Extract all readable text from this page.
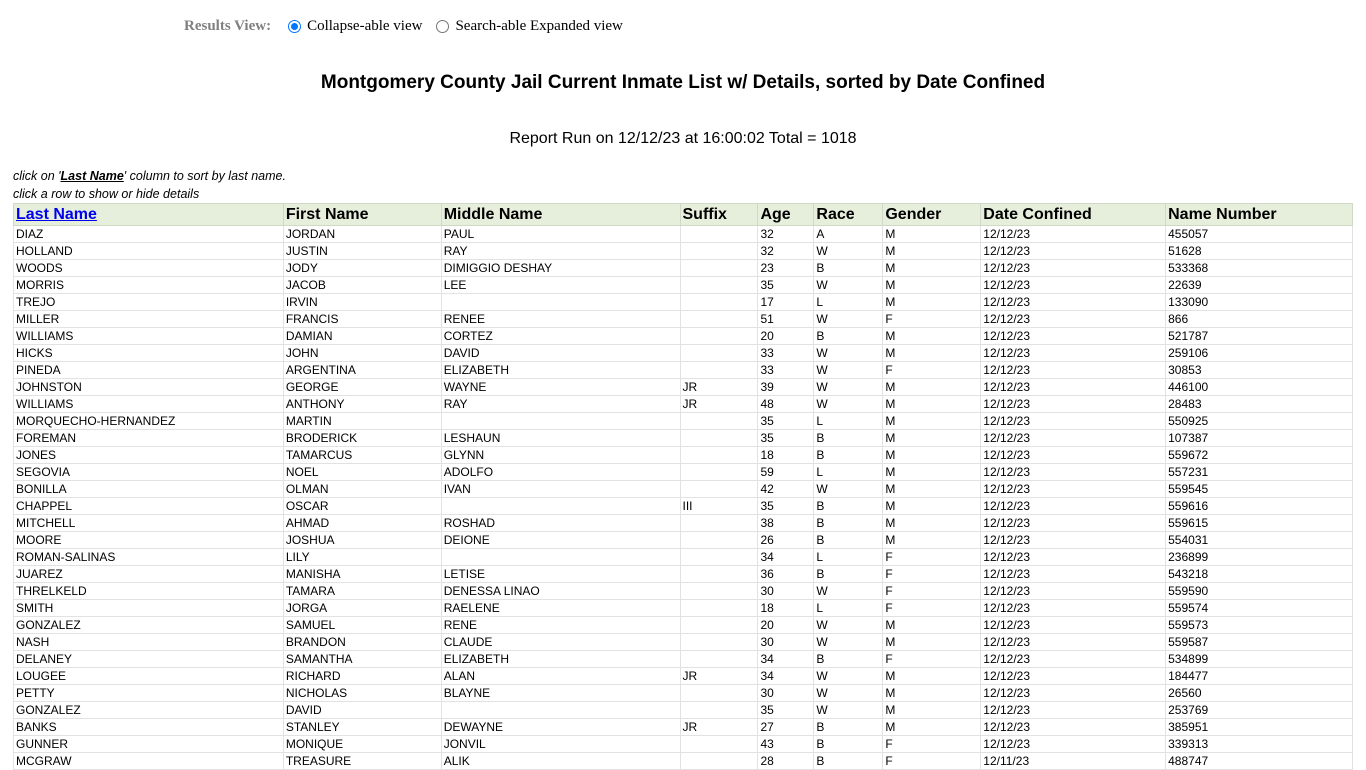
Results View: Collapse-able view Search-able Expanded view
Montgomery County Jail Current Inmate List w/ Details, sorted by Date Confined
Report Run on 12/12/23 at 16:00:02 Total = 1018
click on 'Last Name' column to sort by last name.
click a row to show or hide details
Last Name	First Name	Middle Name	Suffix	Age	Race	Gender	Date Confined	Name Number
DIAZ	JORDAN	PAUL		32	A	M	12/12/23	455057
HOLLAND	JUSTIN	RAY		32	W	M	12/12/23	51628
WOODS	JODY	DIMIGGIO DESHAY		23	B	M	12/12/23	533368
MORRIS	JACOB	LEE		35	W	M	12/12/23	22639
TREJO	IRVIN			17	L	M	12/12/23	133090
MILLER	FRANCIS	RENEE		51	W	F	12/12/23	866
WILLIAMS	DAMIAN	CORTEZ		20	B	M	12/12/23	521787
HICKS	JOHN	DAVID		33	W	M	12/12/23	259106
PINEDA	ARGENTINA	ELIZABETH		33	W	F	12/12/23	30853
JOHNSTON	GEORGE	WAYNE	JR	39	W	M	12/12/23	446100
WILLIAMS	ANTHONY	RAY	JR	48	W	M	12/12/23	28483
MORQUECHO-HERNANDEZ	MARTIN			35	L	M	12/12/23	550925
FOREMAN	BRODERICK	LESHAUN		35	B	M	12/12/23	107387
JONES	TAMARCUS	GLYNN		18	B	M	12/12/23	559672
SEGOVIA	NOEL	ADOLFO		59	L	M	12/12/23	557231
BONILLA	OLMAN	IVAN		42	W	M	12/12/23	559545
CHAPPEL	OSCAR		III	35	B	M	12/12/23	559616
MITCHELL	AHMAD	ROSHAD		38	B	M	12/12/23	559615
MOORE	JOSHUA	DEIONE		26	B	M	12/12/23	554031
ROMAN-SALINAS	LILY			34	L	F	12/12/23	236899
JUAREZ	MANISHA	LETISE		36	B	F	12/12/23	543218
THRELKELD	TAMARA	DENESSA LINAO		30	W	F	12/12/23	559590
SMITH	JORGA	RAELENE		18	L	F	12/12/23	559574
GONZALEZ	SAMUEL	RENE		20	W	M	12/12/23	559573
NASH	BRANDON	CLAUDE		30	W	M	12/12/23	559587
DELANEY	SAMANTHA	ELIZABETH		34	B	F	12/12/23	534899
LOUGEE	RICHARD	ALAN	JR	34	W	M	12/12/23	184477
PETTY	NICHOLAS	BLAYNE		30	W	M	12/12/23	26560
GONZALEZ	DAVID			35	W	M	12/12/23	253769
BANKS	STANLEY	DEWAYNE	JR	27	B	M	12/12/23	385951
GUNNER	MONIQUE	JONVIL		43	B	F	12/12/23	339313
MCGRAW	TREASURE	ALIK		28	B	F	12/11/23	488747
